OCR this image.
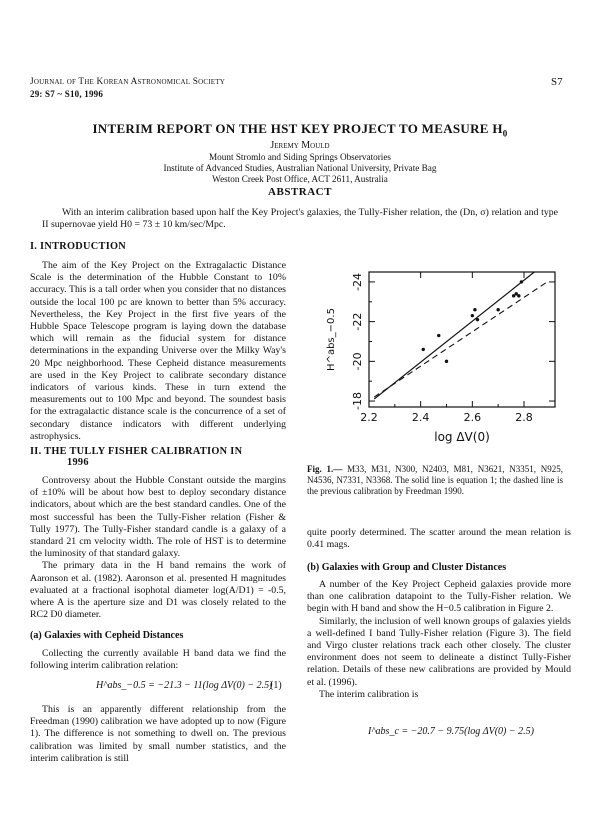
Journal of The Korean Astronomical Society
29: S7 ~ S10, 1996
S7
INTERIM REPORT ON THE HST KEY PROJECT TO MEASURE $H_0$
Jeremy Mould
Mount Stromlo and Siding Springs Observatories
Institute of Advanced Studies, Australian National University, Private Bag
Weston Creek Post Office, ACT 2611, Australia
ABSTRACT
With an interim calibration based upon half the Key Project's galaxies, the Tully-Fisher relation, the (Dn, σ) relation and type II supernovae yield H0 = 73 ± 10 km/sec/Mpc.
I. INTRODUCTION

The aim of the Key Project on the Extragalactic Distance Scale is the determination of the Hubble Constant to 10% accuracy. This is a tall order when you consider that no distances outside the local 100 pc are known to better than 5% accuracy. Nevertheless, the Key Project in the first five years of the Hubble Space Telescope program is laying down the database which will remain as the fiducial system for distance determinations in the expanding Universe over the Milky Way's 20 Mpc neighborhood. These Cepheid distance measurements are used in the Key Project to calibrate secondary distance indicators of various kinds. These in turn extend the measurements out to 100 Mpc and beyond. The soundest basis for the extragalactic distance scale is the concurrence of a set of secondary distance indicators with different underlying astrophysics.

II. THE TULLY FISHER CALIBRATION IN
1996

Controversy about the Hubble Constant outside the margins of ±10% will be about how best to deploy secondary distance indicators, about which are the best standard candles. One of the most successful has been the Tully-Fisher relation (Fisher & Tully 1977). The Tully-Fisher standard candle is a galaxy of a standard 21 cm velocity width. The role of HST is to determine the luminosity of that standard galaxy.

The primary data in the H band remains the work of Aaronson et al. (1982). Aaronson et al. presented H magnitudes evaluated at a fractional isophotal diameter log(A/D1) = -0.5, where A is the aperture size and D1 was closely related to the RC2 D0 diameter.

(a) Galaxies with Cepheid Distances

Collecting the currently available H band data we find the following interim calibration relation:

H^abs_−0.5 = −21.3 − 11(log ΔV(0) − 2.5)
(1)

This is an apparently different relationship from the Freedman (1990) calibration we have adopted up to now (Figure 1). The difference is not something to dwell on. The previous calibration was limited by small number statistics, and the interim calibration is still

2.2	2.4	2.6	2.8
-18
-20
-22
-24
log ΔV(0)
H^abs_−0.5
Fig. 1.— M33, M31, N300, N2403, M81, N3621, N3351, N925, N4536, N7331, N3368. The solid line is equation 1; the dashed line is the previous calibration by Freedman 1990.

quite poorly determined. The scatter around the mean relation is 0.41 mags.

(b) Galaxies with Group and Cluster Distances

A number of the Key Project Cepheid galaxies provide more than one calibration datapoint to the Tully-Fisher relation. We begin with H band and show the H−0.5 calibration in Figure 2.

Similarly, the inclusion of well known groups of galaxies yields a well-defined I band Tully-Fisher relation (Figure 3). The field and Virgo cluster relations track each other closely. The cluster environment does not seem to delineate a distinct Tully-Fisher relation. Details of these new calibrations are provided by Mould et al. (1996).

The interim calibration is

I^abs_c = −20.7 − 9.75(log ΔV(0) − 2.5)
